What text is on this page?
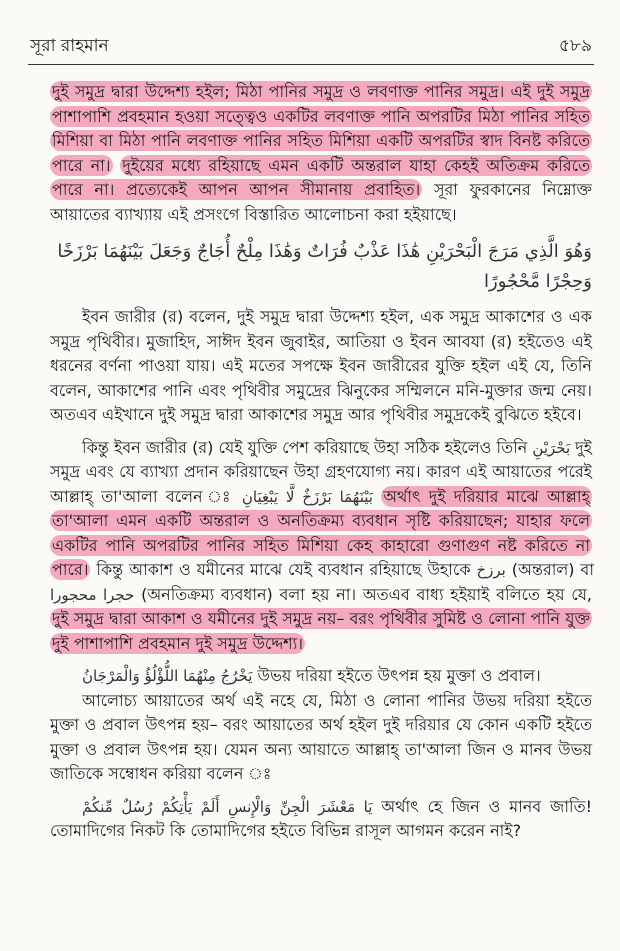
সূরা রাহমান	৫৮৯

দুই সমুদ্র দ্বারা উদ্দেশ্য হইল; মিঠা পানির সমুদ্র ও লবণাক্ত পানির সমুদ্র। এই দুই সমুদ্র পাশাপাশি প্রবহমান হওয়া সত্ত্বেও একটির লবণাক্ত পানি অপরটির মিঠা পানির সহিত মিশিয়া বা মিঠা পানি লবণাক্ত পানির সহিত মিশিয়া একটি অপরটির স্বাদ বিনষ্ট করিতে পারে না। দুইয়ের মধ্যে রহিয়াছে এমন একটি অন্তরাল যাহা কেহই অতিক্রম করিতে পারে না। প্রত্যেকেই আপন আপন সীমানায় প্রবাহিত। সূরা ফুরকানের নিম্নোক্ত আয়াতের ব্যাখ্যায় এই প্রসংগে বিস্তারিত আলোচনা করা হইয়াছে।

وَهُوَ الَّذِي مَرَجَ الْبَحْرَيْنِ هَٰذَا عَذْبٌ فُرَاتٌ وَهَٰذَا مِلْحٌ أُجَاجٌ وَجَعَلَ بَيْنَهُمَا بَرْزَخًا وَحِجْرًا مَّحْجُورًا

ইবন জারীর (র) বলেন, দুই সমুদ্র দ্বারা উদ্দেশ্য হইল, এক সমুদ্র আকাশের ও এক সমুদ্র পৃথিবীর। মুজাহিদ, সাঈদ ইবন জুবাইর, আতিয়া ও ইবন আবযা (র) হইতেও এই ধরনের বর্ণনা পাওয়া যায়। এই মতের সপক্ষে ইবন জারীরের যুক্তি হইল এই যে, তিনি বলেন, আকাশের পানি এবং পৃথিবীর সমুদ্রের ঝিনুকের সম্মিলনে মনি-মুক্তার জন্ম নেয়। অতএব এইখানে দুই সমুদ্র দ্বারা আকাশের সমুদ্র আর পৃথিবীর সমুদ্রকেই বুঝিতে হইবে।

কিন্তু ইবন জারীর (র) যেই যুক্তি পেশ করিয়াছে উহা সঠিক হইলেও তিনি بَحْرَيْنِ দুই সমুদ্র এবং যে ব্যাখ্যা প্রদান করিয়াছেন উহা গ্রহণযোগ্য নয়। কারণ এই আয়াতের পরেই আল্লাহ্ তা'আলা বলেন ঃ بَيْنَهُمَا بَرْزَخٌ لَّا يَبْغِيَانِ অর্থাৎ দুই দরিয়ার মাঝে আল্লাহ্ তা'আলা এমন একটি অন্তরাল ও অনতিক্রম্য ব্যবধান সৃষ্টি করিয়াছেন; যাহার ফলে একটির পানি অপরটির পানির সহিত মিশিয়া কেহ কাহারো গুণাগুণ নষ্ট করিতে না পারে। কিন্তু আকাশ ও যমীনের মাঝে যেই ব্যবধান রহিয়াছে উহাকে برزخ (অন্তরাল) বা حجرا محجورا (অনতিক্রম্য ব্যবধান) বলা হয় না। অতএব বাধ্য হইয়াই বলিতে হয় যে, দুই সমুদ্র দ্বারা আকাশ ও যমীনের দুই সমুদ্র নয়– বরং পৃথিবীর সুমিষ্ট ও লোনা পানি যুক্ত দুই পাশাপাশি প্রবহমান দুই সমুদ্র উদ্দেশ্য।

يَخْرُجُ مِنْهُمَا اللُّؤْلُؤُ وَالْمَرْجَانُ উভয় দরিয়া হইতে উৎপন্ন হয় মুক্তা ও প্রবাল।

আলোচ্য আয়াতের অর্থ এই নহে যে, মিঠা ও লোনা পানির উভয় দরিয়া হইতে মুক্তা ও প্রবাল উৎপন্ন হয়– বরং আয়াতের অর্থ হইল দুই দরিয়ার যে কোন একটি হইতে মুক্তা ও প্রবাল উৎপন্ন হয়। যেমন অন্য আয়াতে আল্লাহ্ তা'আলা জিন ও মানব উভয় জাতিকে সম্বোধন করিয়া বলেন ঃ

يَا مَعْشَرَ الْجِنِّ وَالْإِنسِ أَلَمْ يَأْتِكُمْ رُسُلٌ مِّنكُمْ অর্থাৎ হে জিন ও মানব জাতি! তোমাদিগের নিকট কি তোমাদিগের হইতে বিভিন্ন রাসূল আগমন করেন নাই?
